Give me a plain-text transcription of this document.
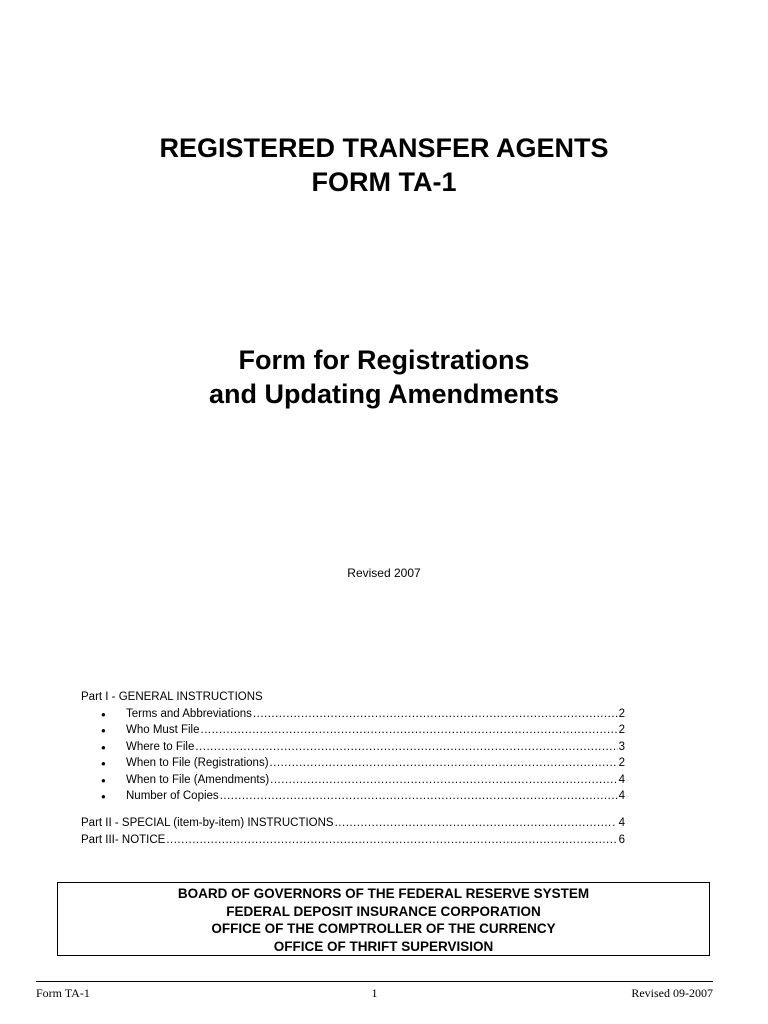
REGISTERED TRANSFER AGENTS
FORM TA-1
Form for Registrations
and Updating Amendments
Revised 2007
Part I - GENERAL INSTRUCTIONS
●	Terms and Abbreviations .....	2
●	Who Must File .....	2
●	Where to File .....	3
●	When to File (Registrations) .....	2
●	When to File (Amendments) .....	4
●	Number of Copies .....	4
Part II - SPECIAL (item-by-item) INSTRUCTIONS .....	. 4
Part III- NOTICE .....	6
BOARD OF GOVERNORS OF THE FEDERAL RESERVE SYSTEM
FEDERAL DEPOSIT INSURANCE CORPORATION
OFFICE OF THE COMPTROLLER OF THE CURRENCY
OFFICE OF THRIFT SUPERVISION
Form TA-1	1	Revised 09-2007
